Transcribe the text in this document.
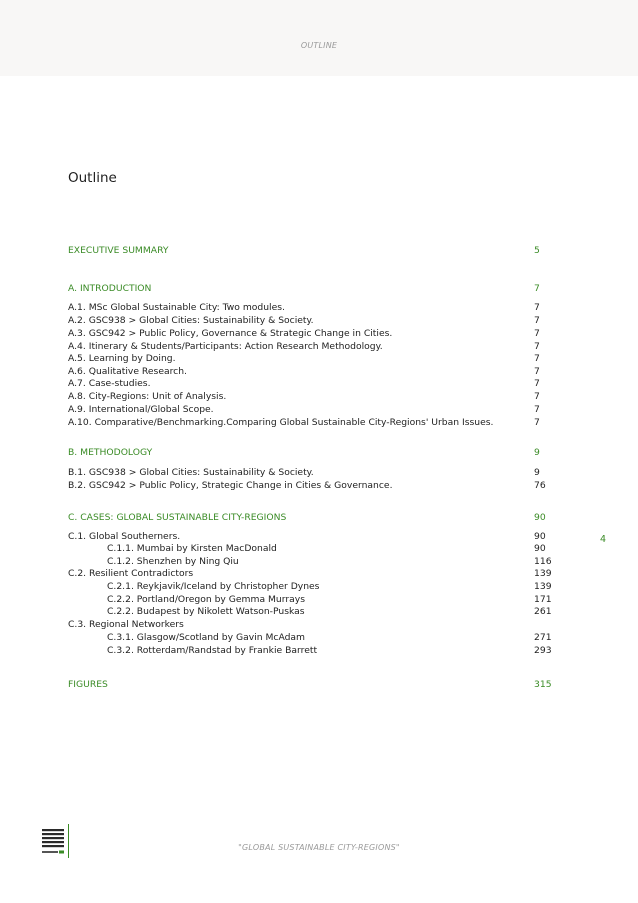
OUTLINE
Outline
EXECUTIVE SUMMARY	5
A. INTRODUCTION	7
A.1. MSc Global Sustainable City: Two modules.	7
A.2. GSC938 > Global Cities: Sustainability & Society.	7
A.3. GSC942 > Public Policy, Governance & Strategic Change in Cities.	7
A.4. Itinerary & Students/Participants: Action Research Methodology.	7
A.5. Learning by Doing.	7
A.6. Qualitative Research.	7
A.7. Case-studies.	7
A.8. City-Regions: Unit of Analysis.	7
A.9. International/Global Scope.	7
A.10. Comparative/Benchmarking.Comparing Global Sustainable City-Regions' Urban Issues.	7
B. METHODOLOGY	9
B.1. GSC938 > Global Cities: Sustainability & Society.	9
B.2. GSC942 > Public Policy, Strategic Change in Cities & Governance.	76
C. CASES: GLOBAL SUSTAINABLE CITY-REGIONS	90
C.1. Global Southerners.	90
C.1.1. Mumbai by Kirsten MacDonald	90
C.1.2. Shenzhen by Ning Qiu	116
C.2. Resilient Contradictors	139
C.2.1. Reykjavik/Iceland by Christopher Dynes	139
C.2.2. Portland/Oregon by Gemma Murrays	171
C.2.2. Budapest by Nikolett Watson-Puskas	261
C.3. Regional Networkers
C.3.1. Glasgow/Scotland by Gavin McAdam	271
C.3.2. Rotterdam/Randstad by Frankie Barrett	293
FIGURES	315
4
"GLOBAL SUSTAINABLE CITY-REGIONS"
